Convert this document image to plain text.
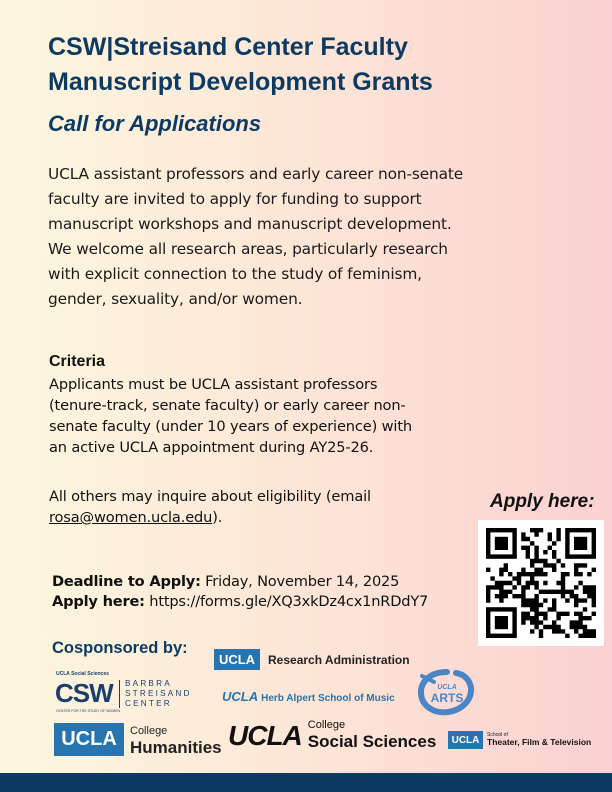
CSW|Streisand Center Faculty
Manuscript Development Grants
Call for Applications
UCLA assistant professors and early career non-senate
faculty are invited to apply for funding to support
manuscript workshops and manuscript development.
We welcome all research areas, particularly research
with explicit connection to the study of feminism,
gender, sexuality, and/or women.
Criteria
Applicants must be UCLA assistant professors
(tenure-track, senate faculty) or early career non-
senate faculty (under 10 years of experience) with
an active UCLA appointment during AY25-26.
All others may inquire about eligibility (email
rosa@women.ucla.edu).
Deadline to Apply: Friday, November 14, 2025
Apply here: https://forms.gle/XQ3xkDz4cx1nRDdY7
Apply here:
Cosponsored by:
UCLA Social Sciences
CSW BARBRA
STREISAND
CENTER
CENTER FOR THE STUDY OF WOMEN
UCLA	Research Administration
UCLA Herb Alpert School of Music
UCLA
ARTS
UCLA	College
Humanities UCLA College
Social Sciences	UCLA	School of
Theater, Film & Television
